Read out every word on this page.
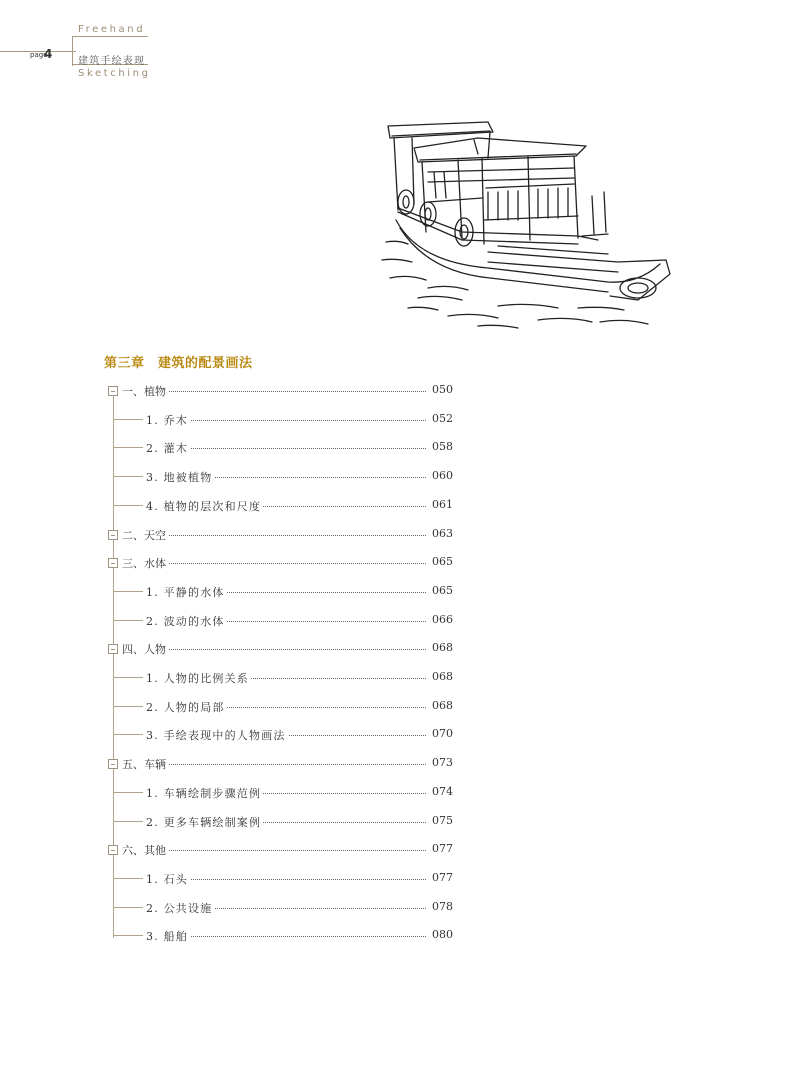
page
4
Freehand
建筑手绘表现
Sketching
第三章　建筑的配景画法
一、植物	050
1. 乔木	052
2. 灌木	058
3. 地被植物	060
4. 植物的层次和尺度	061
二、天空	063
三、水体	065
1. 平静的水体	065
2. 波动的水体	066
四、人物	068
1. 人物的比例关系	068
2. 人物的局部	068
3. 手绘表现中的人物画法	070
五、车辆	073
1. 车辆绘制步骤范例	074
2. 更多车辆绘制案例	075
六、其他	077
1. 石头	077
2. 公共设施	078
3. 船舶	080
